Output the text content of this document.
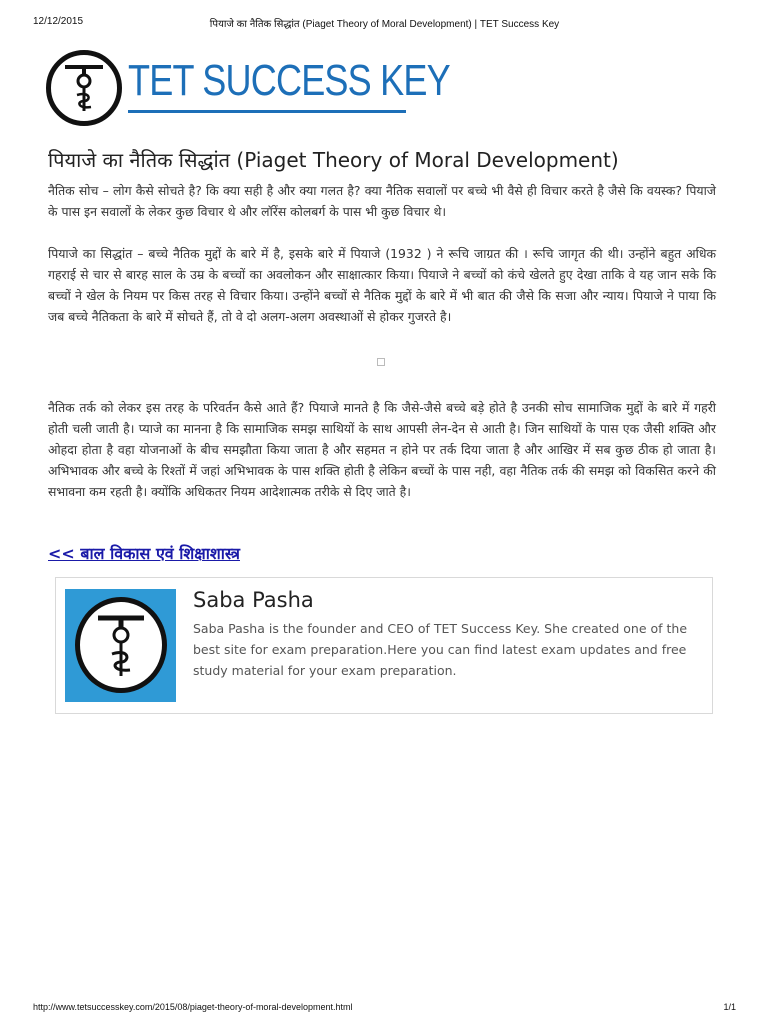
12/12/2015	पियाजे का नैतिक सिद्धांत (Piaget Theory of Moral Development) | TET Success Key
TET SUCCESS KEY
पियाजे का नैतिक सिद्धांत (Piaget Theory of Moral Development)

नैतिक सोच – लोग कैसे सोचते है? कि क्या सही है और क्या गलत है? क्या नैतिक सवालों पर बच्चे भी वैसे ही विचार करते है जैसे कि वयस्क? पियाजे के पास इन सवालों के लेकर कुछ विचार थे और लॉरेंस कोलबर्ग के पास भी कुछ विचार थे।

पियाजे का सिद्धांत – बच्चे नैतिक मुद्दों के बारे में है, इसके बारे में पियाजे (1932 ) ने रूचि जाग्रत की । रूचि जागृत की थी। उन्होंने बहुत अधिक गहराई से चार से बारह साल के उम्र के बच्चों का अवलोकन और साक्षात्कार किया। पियाजे ने बच्चों को कंचे खेलते हुए देखा ताकि वे यह जान सके कि बच्चों ने खेल के नियम पर किस तरह से विचार किया। उन्होंने बच्चों से नैतिक मुद्दों के बारे में भी बात की जैसे कि सजा और न्याय। पियाजे ने पाया कि जब बच्चे नैतिकता के बारे में सोचते हैं, तो वे दो अलग-अलग अवस्थाओं से होकर गुजरते है।

नैतिक तर्क को लेकर इस तरह के परिवर्तन कैसे आते हैं? पियाजे मानते ह‍ै कि जैसे-जैसे बच्चे बड़े होते है उनकी सोच सामाजिक मुद्दों के बारे में गहरी होती चली जाती है। प्याजे का मानना है कि सामाजिक समझ साथियों के साथ आपसी लेन-देन से आती है। जिन साथियों के पास एक जैसी शक्ति और ओहदा होता है वहा योजनाओं के बीच समझौता किया जाता है और सहमत न होने पर तर्क दिया जाता है और आखिर में सब कुछ ठीक हो जाता है। अभिभावक और बच्चे के रिश्तों में जहां अभिभावक के पास शक्ति होती है लेकिन बच्चों के पास नही, वहा नैतिक तर्क की समझ को विकसित करने की सभावना कम रहती है। क्योंकि अधिकतर नियम आदेशात्मक तरीके से दिए जाते है।

<< बाल विकास एवं शिक्षाशास्त्र
Saba Pasha

Saba Pasha is the founder and CEO of TET Success Key. She created one of the best site for exam preparation.Here you can find latest exam updates and free study material for your exam preparation.

http://www.tetsuccesskey.com/2015/08/piaget-theory-of-moral-development.html	1/1
